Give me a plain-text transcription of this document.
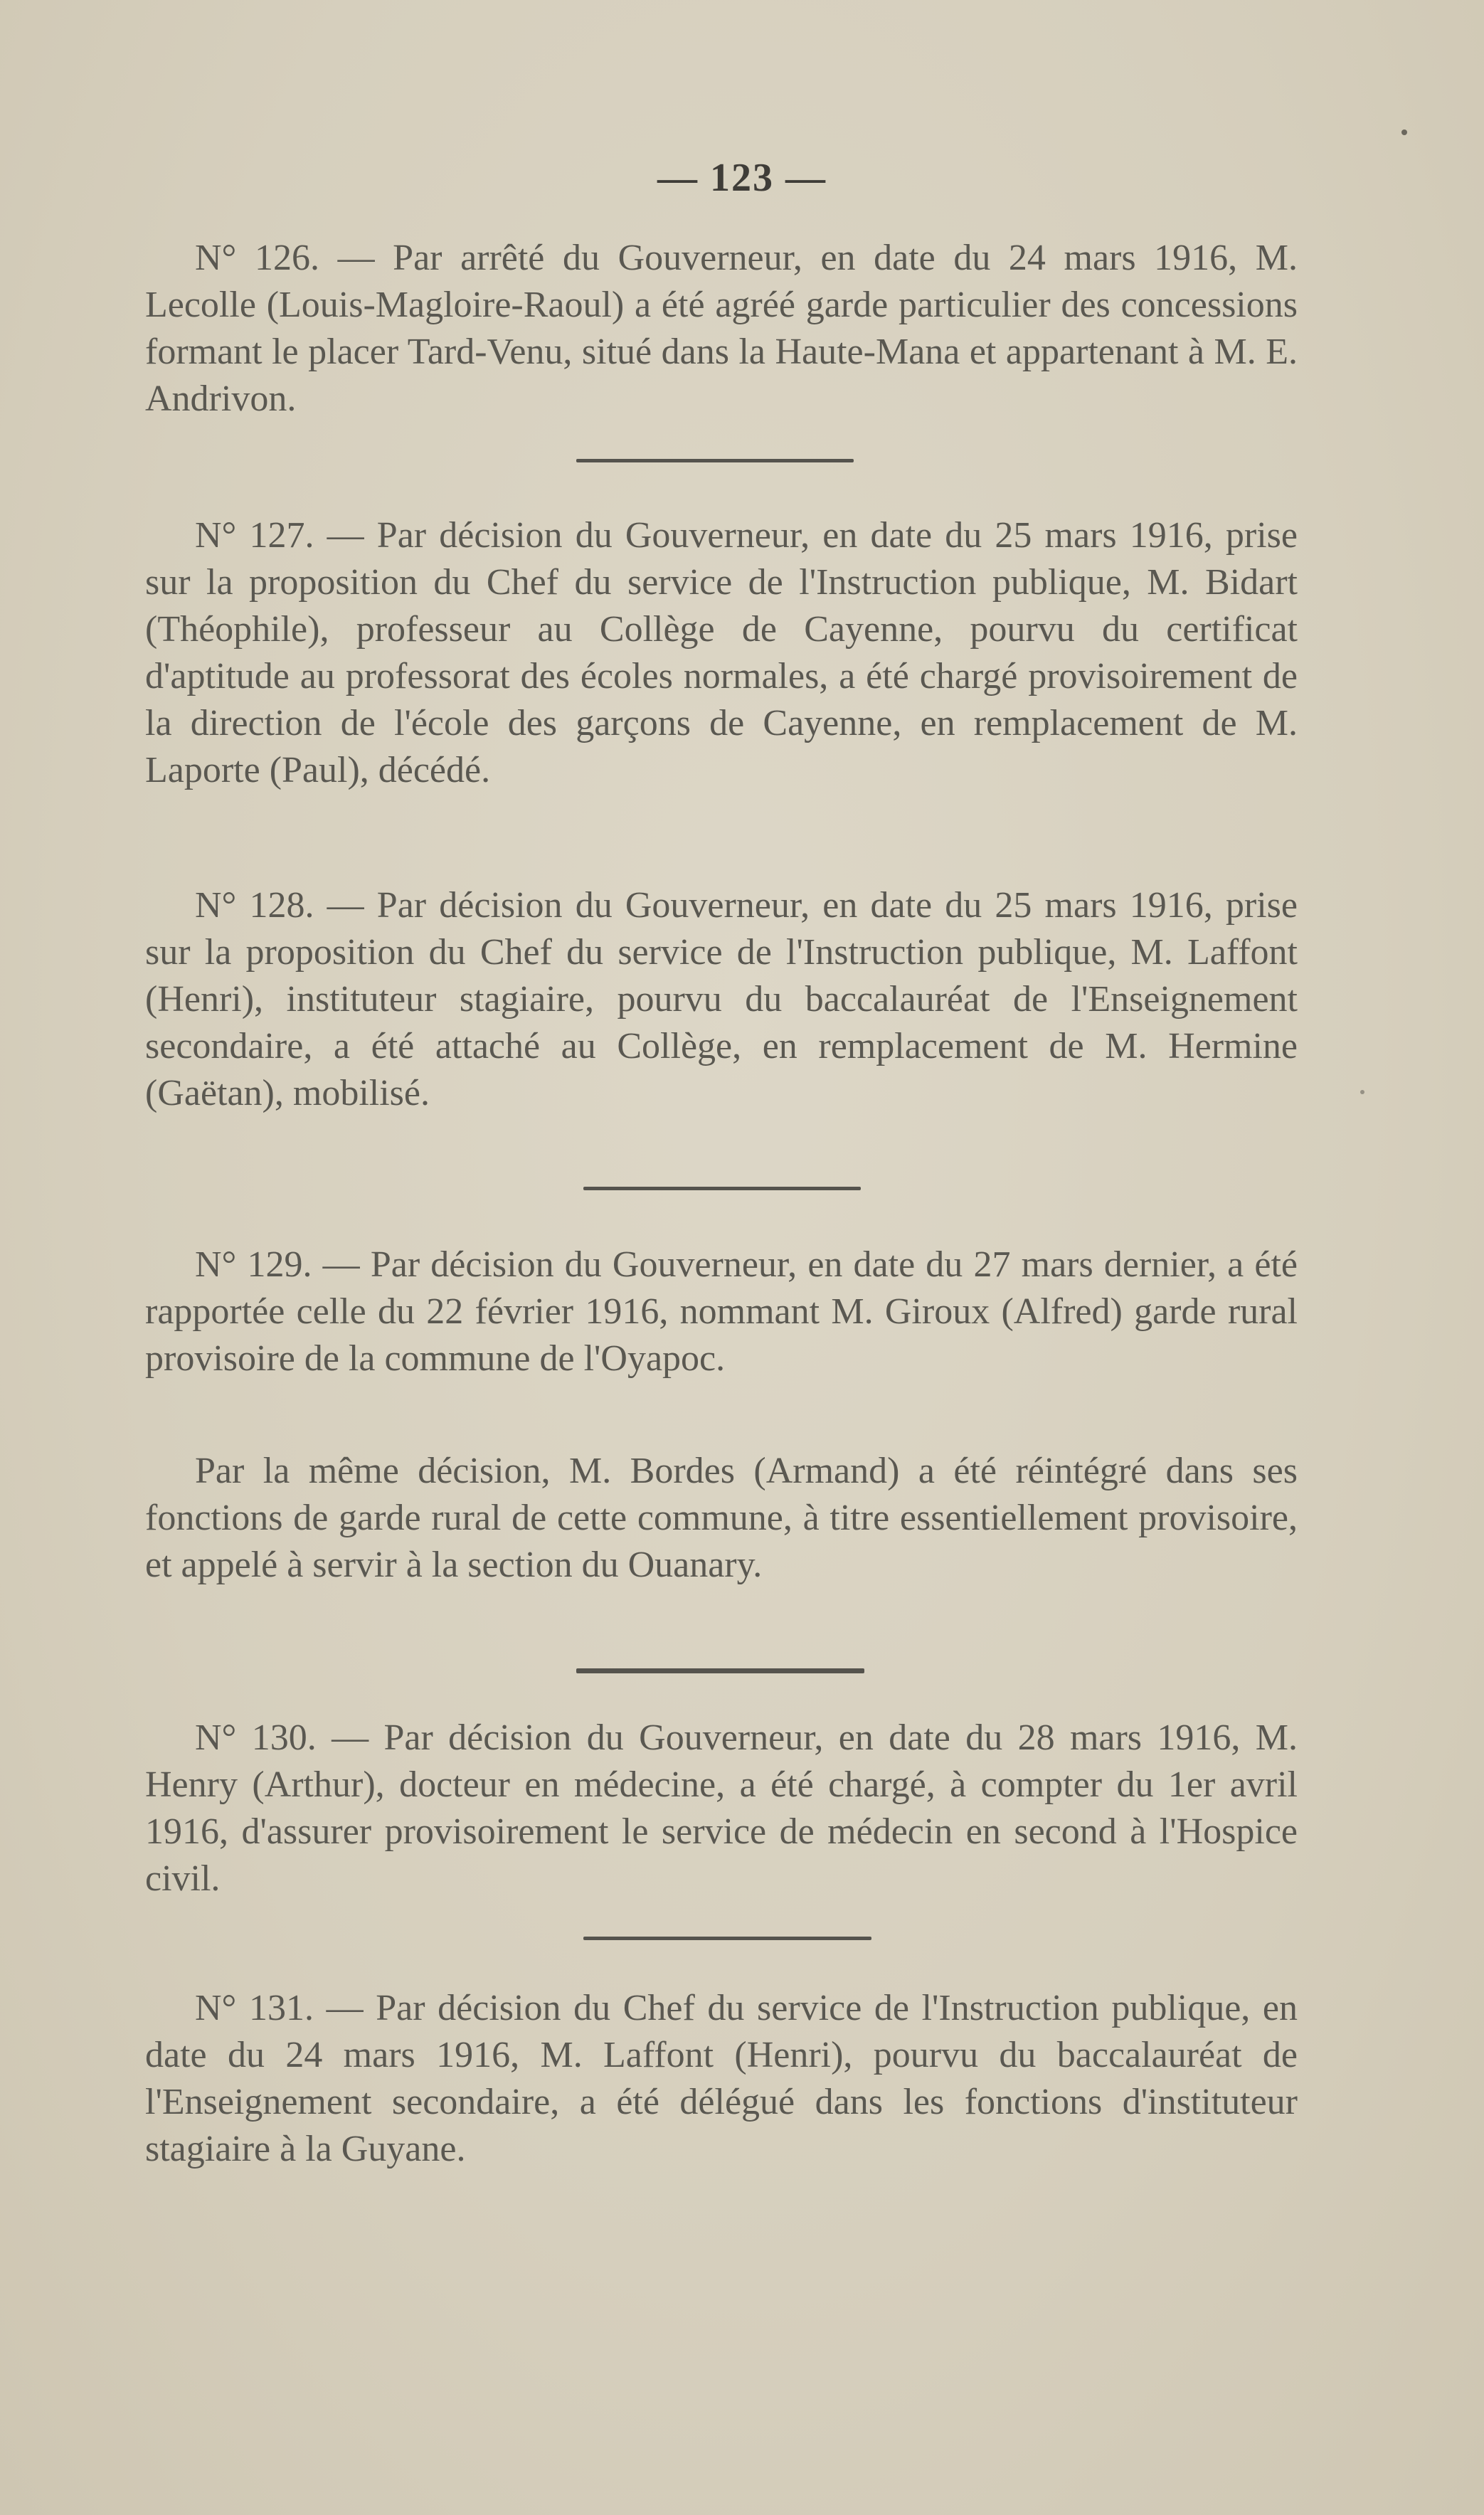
— 123 —

N° 126. — Par arrêté du Gouverneur, en date du 24 mars 1916, M. Lecolle (Louis-Magloire-Raoul) a été agréé garde particulier des concessions formant le placer Tard-Venu, situé dans la Haute-Mana et appartenant à M. E. Andrivon.

N° 127. — Par décision du Gouverneur, en date du 25 mars 1916, prise sur la proposition du Chef du service de l'Instruction publique, M. Bidart (Théophile), professeur au Collège de Cayenne, pourvu du certificat d'aptitude au professorat des écoles normales, a été chargé provisoirement de la direction de l'école des garçons de Cayenne, en remplacement de M. Laporte (Paul), décédé.

N° 128. — Par décision du Gouverneur, en date du 25 mars 1916, prise sur la proposition du Chef du service de l'Instruction publique, M. Laffont (Henri), instituteur stagiaire, pourvu du baccalauréat de l'Enseignement secondaire, a été attaché au Collège, en remplacement de M. Hermine (Gaëtan), mobilisé.

N° 129. — Par décision du Gouverneur, en date du 27 mars dernier, a été rapportée celle du 22 février 1916, nommant M. Giroux (Alfred) garde rural provisoire de la commune de l'Oyapoc.

Par la même décision, M. Bordes (Armand) a été réintégré dans ses fonctions de garde rural de cette commune, à titre essentiellement provisoire, et appelé à servir à la section du Ouanary.

N° 130. — Par décision du Gouverneur, en date du 28 mars 1916, M. Henry (Arthur), docteur en médecine, a été chargé, à compter du 1er avril 1916, d'assurer provisoirement le service de médecin en second à l'Hospice civil.

N° 131. — Par décision du Chef du service de l'Instruction publique, en date du 24 mars 1916, M. Laffont (Henri), pourvu du baccalauréat de l'Enseignement secondaire, a été délégué dans les fonctions d'instituteur stagiaire à la Guyane.
